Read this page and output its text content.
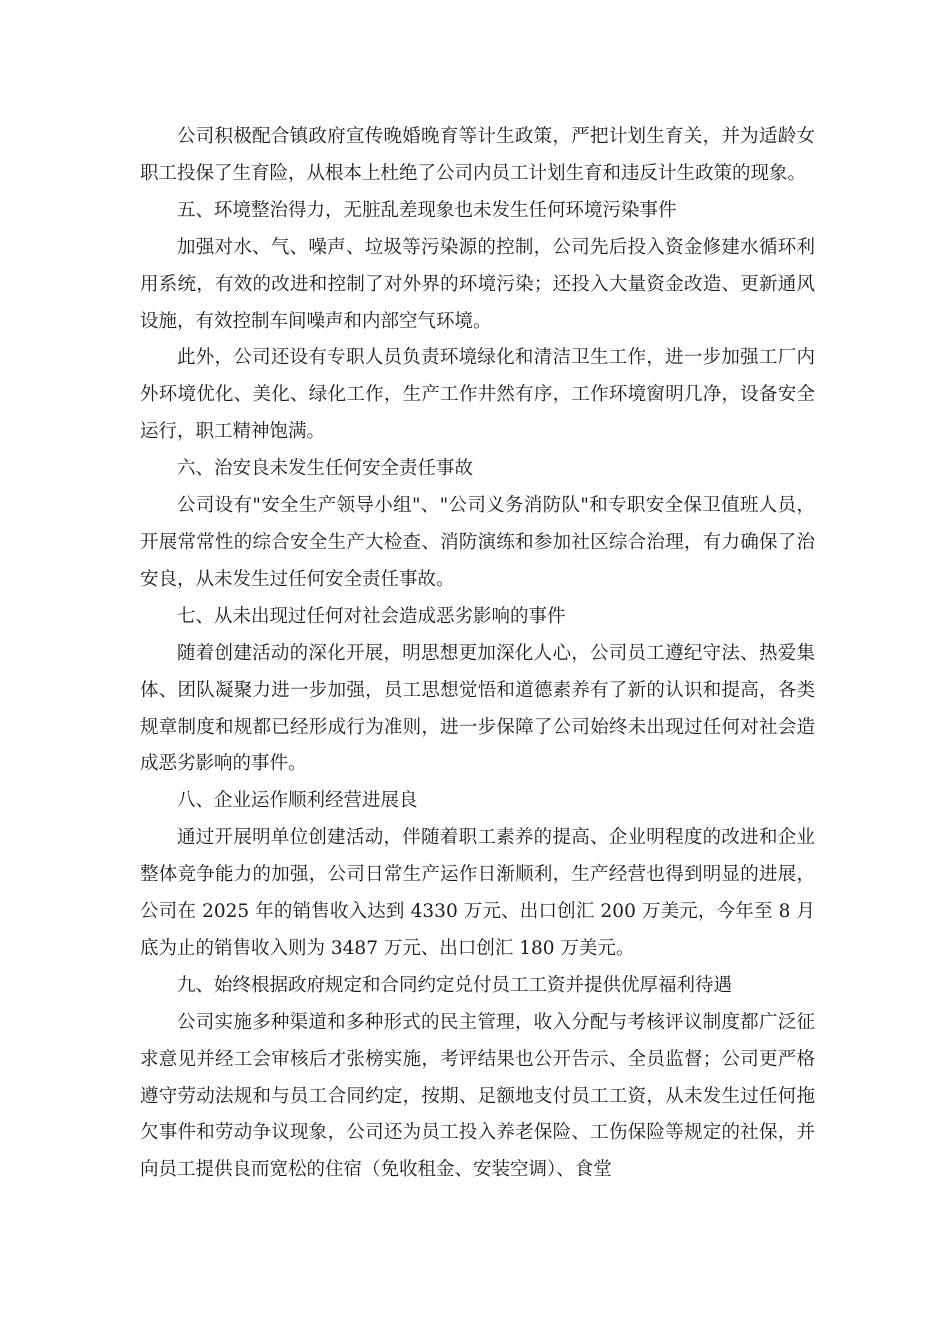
公司积极配合镇政府宣传晚婚晚育等计生政策，严把计划生育关，并为适龄女职工投保了生育险，从根本上杜绝了公司内员工计划生育和违反计生政策的现象。

五、环境整治得力，无脏乱差现象也未发生任何环境污染事件

加强对水、气、噪声、垃圾等污染源的控制，公司先后投入资金修建水循环利用系统，有效的改进和控制了对外界的环境污染；还投入大量资金改造、更新通风设施，有效控制车间噪声和内部空气环境。

此外，公司还设有专职人员负责环境绿化和清洁卫生工作，进一步加强工厂内外环境优化、美化、绿化工作，生产工作井然有序，工作环境窗明几净，设备安全运行，职工精神饱满。

六、治安良未发生任何安全责任事故

公司设有"安全生产领导小组"、"公司义务消防队"和专职安全保卫值班人员，开展常常性的综合安全生产大检查、消防演练和参加社区综合治理，有力确保了治安良，从未发生过任何安全责任事故。

七、从未出现过任何对社会造成恶劣影响的事件

随着创建活动的深化开展，明思想更加深化人心，公司员工遵纪守法、热爱集体、团队凝聚力进一步加强，员工思想觉悟和道德素养有了新的认识和提高，各类规章制度和规都已经形成行为准则，进一步保障了公司始终未出现过任何对社会造成恶劣影响的事件。

八、企业运作顺利经营进展良

通过开展明单位创建活动，伴随着职工素养的提高、企业明程度的改进和企业整体竞争能力的加强，公司日常生产运作日渐顺利，生产经营也得到明显的进展，公司在 2025 年的销售收入达到 4330 万元、出口创汇 200 万美元，今年至 8 月底为止的销售收入则为 3487 万元、出口创汇 180 万美元。

九、始终根据政府规定和合同约定兑付员工工资并提供优厚福利待遇

公司实施多种渠道和多种形式的民主管理，收入分配与考核评议制度都广泛征求意见并经工会审核后才张榜实施，考评结果也公开告示、全员监督；公司更严格遵守劳动法规和与员工合同约定，按期、足额地支付员工工资，从未发生过任何拖欠事件和劳动争议现象，公司还为员工投入养老保险、工伤保险等规定的社保，并向员工提供良而宽松的住宿（免收租金、安装空调）、食堂
